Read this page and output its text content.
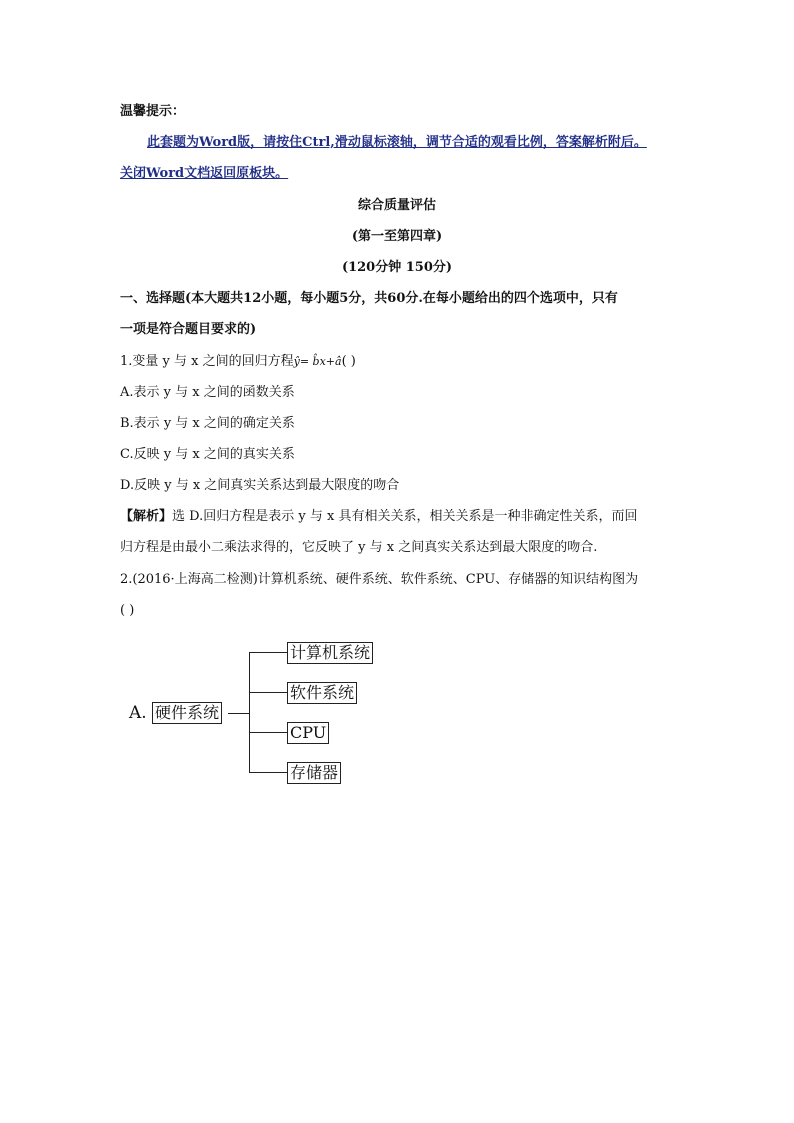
温馨提示：
此套题为Word版，请按住Ctrl,滑动鼠标滚轴，调节合适的观看比例，答案解析附后。
关闭Word文档返回原板块。
综合质量评估
(第一至第四章)
(120分钟 150分)
一、选择题(本大题共12小题，每小题5分，共60分.在每小题给出的四个选项中，只有
一项是符合题目要求的)
1.变量 y 与 x 之间的回归方程ŷ= b̂x+â( )
A.表示 y 与 x 之间的函数关系
B.表示 y 与 x 之间的确定关系
C.反映 y 与 x 之间的真实关系
D.反映 y 与 x 之间真实关系达到最大限度的吻合
【解析】选 D.回归方程是表示 y 与 x 具有相关关系，相关关系是一种非确定性关系，而回
归方程是由最小二乘法求得的，它反映了 y 与 x 之间真实关系达到最大限度的吻合.
2.(2016·上海高二检测)计算机系统、硬件系统、软件系统、CPU、存储器的知识结构图为
( )
A. 硬件系统
计算机系统
软件系统
CPU
存储器
